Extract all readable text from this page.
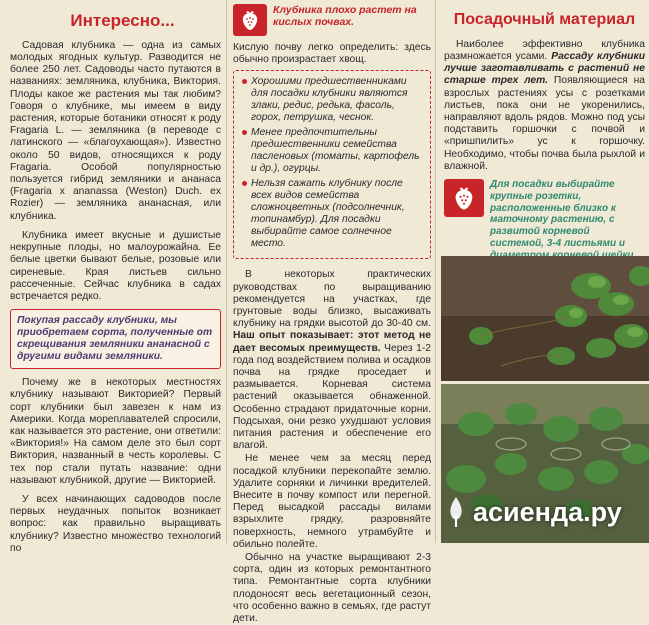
Интересно...

Садовая клубника — одна из самых молодых ягодных культур. Разводится не более 250 лет. Садоводы часто путаются в названиях: земляника, клубника, Виктория. Плоды какое же растения мы так любим? Говоря о клубнике, мы имеем в виду растения, которые ботаники относят к роду Fragaria L. — земляника (в переводе с латинского — «благоухающая»). Известно около 50 видов, относящихся к роду Fragaria. Особой популярностью пользуется гибрид земляники и ананаса (Fragaria x ananassa (Weston) Duch. ex Rozier) — земляника ананасная, или клубника.

Клубника имеет вкусные и душистые некрупные плоды, но малоурожайна. Ее белые цветки бывают белые, розовые или сиреневые. Края листьев сильно рассеченные. Сейчас клубника в садах встречается редко.

Покупая рассаду клубники, мы приобретаем сорта, полученные от скрещивания земляники ананасной с другими видами земляники.

Почему же в некоторых местностях клубнику называют Викторией? Первый сорт клубники был завезен к нам из Америки. Когда мореплавателей спросили, как называется это растение, они ответили: «Виктория!» На самом деле это был сорт Виктория, названный в честь королевы. С тех пор стали путать название: одни называют клубникой, другие — Викторией.

У всех начинающих садоводов после первых неудачных попыток возникает вопрос: как правильно выращивать клубнику? Известно множество технологий по

Клубника плохо растет на кислых почвах.

Кислую почву легко определить: здесь обычно произрастает хвощ.

Хорошими предшественниками для посадки клубники являются злаки, редис, редька, фасоль, горох, петрушка, чеснок.

Менее предпочтительны предшественники семейства пасленовых (томаты, картофель и др.), огурцы.

Нельзя сажать клубнику после всех видов семейства сложноцветных (подсолнечник, топинамбур). Для посадки выбирайте самое солнечное место.

В некоторых практических руководствах по выращиванию рекомендуется на участках, где грунтовые воды близко, высаживать клубнику на грядки высотой до 30-40 см. Наш опыт показывает: этот метод не дает весомых преимуществ. Через 1-2 года под воздействием полива и осадков почва на грядке проседает и размывается. Корневая система растений оказывается обнаженной. Особенно страдают придаточные корни. Подсыхая, они резко ухудшают условия питания растения и обеспечение его влагой.

Не менее чем за месяц перед посадкой клубники перекопайте землю. Удалите сорняки и личинки вредителей. Внесите в почву компост или перегной. Перед высадкой рассады вилами взрыхлите грядку, разровняйте поверхность, немного утрамбуйте и обильно полейте.

Обычно на участке выращивают 2-3 сорта, один из которых ремонтантного типа. Ремонтантные сорта клубники плодоносят весь вегетационный сезон, что особенно важно в семьях, где растут дети.

Посадочный материал

Наиболее эффективно клубника размножается усами. Рассаду клубники лучше заготавливать с растений не старше трех лет. Появляющиеся на взрослых растениях усы с розетками листьев, пока они не укоренились, направляют вдоль рядов. Можно под усы подставить горшочки с почвой и «пришпилить» ус к горшочку. Необходимо, чтобы почва была рыхлой и влажной.

Для посадки выбирайте крупные розетки, расположенные близко к маточному растению, с развитой корневой системой, 3-4 листьями и
асиенда.ру
